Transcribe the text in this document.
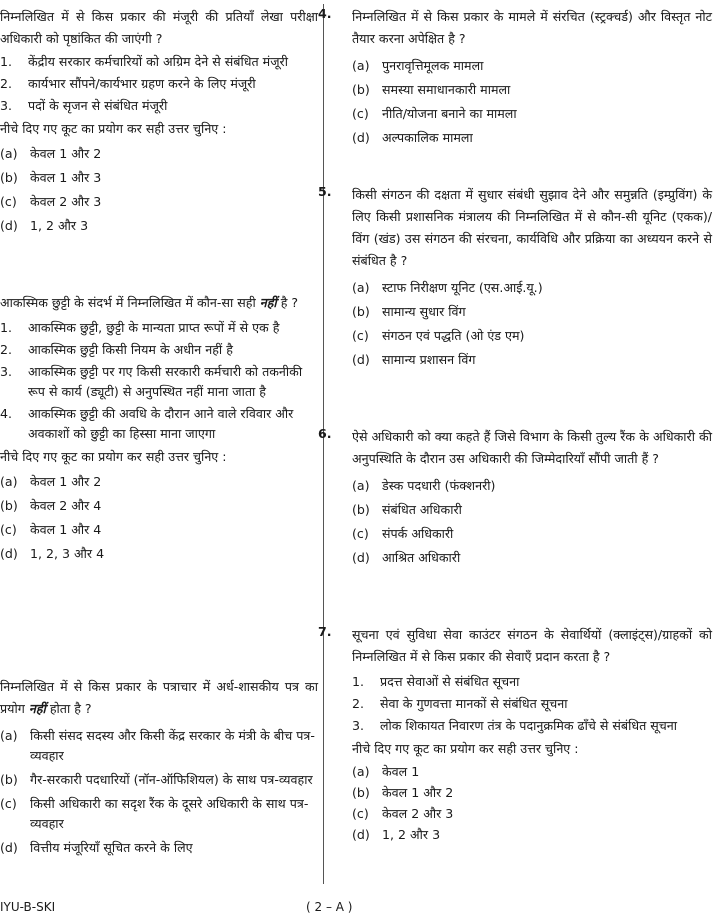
निम्नलिखित में से किस प्रकार की मंजूरी की प्रतियाँ लेखा परीक्षा अधिकारी को पृष्ठांकित की जाएंगी ?
1.	केंद्रीय सरकार कर्मचारियों को अग्रिम देने से संबंधित मंजूरी
2.	कार्यभार सौंपने/कार्यभार ग्रहण करने के लिए मंजूरी
3.	पदों के सृजन से संबंधित मंजूरी
नीचे दिए गए कूट का प्रयोग कर सही उत्तर चुनिए :
(a) केवल 1 और 2
(b) केवल 1 और 3
(c)	केवल 2 और 3
(d) 1, 2 और 3
आकस्मिक छुट्टी के संदर्भ में निम्नलिखित में कौन-सा सही नहीं है ?
1.	आकस्मिक छुट्टी, छुट्टी के मान्यता प्राप्त रूपों में से एक है
2.	आकस्मिक छुट्टी किसी नियम के अधीन नहीं है
3.	आकस्मिक छुट्टी पर गए किसी सरकारी कर्मचारी को तकनीकी रूप से कार्य (ड्यूटी) से अनुपस्थित नहीं माना जाता है
4.	आकस्मिक छुट्टी की अवधि के दौरान आने वाले रविवार और अवकाशों को छुट्टी का हिस्सा माना जाएगा
नीचे दिए गए कूट का प्रयोग कर सही उत्तर चुनिए :
(a) केवल 1 और 2
(b) केवल 2 और 4
(c)	केवल 1 और 4
(d) 1, 2, 3 और 4
निम्नलिखित में से किस प्रकार के पत्राचार में अर्ध-शासकीय पत्र का प्रयोग नहीं होता है ?
(a) किसी संसद सदस्य और किसी केंद्र सरकार के मंत्री के बीच पत्र-व्यवहार
(b) गैर-सरकारी पदधारियों (नॉन-ऑफिशियल) के साथ पत्र-व्यवहार
(c)	किसी अधिकारी का सदृश रैंक के दूसरे अधिकारी के साथ पत्र-व्यवहार
(d) वित्तीय मंजूरियाँ सूचित करने के लिए
4. निम्नलिखित में से किस प्रकार के मामले में संरचित (स्ट्रक्चर्ड) और विस्तृत नोट तैयार करना अपेक्षित है ?
(a) पुनरावृत्तिमूलक मामला
(b) समस्या समाधानकारी मामला
(c)	नीति/योजना बनाने का मामला
(d) अल्पकालिक मामला
5. किसी संगठन की दक्षता में सुधार संबंधी सुझाव देने और समुन्नति (इम्प्रुविंग) के लिए किसी प्रशासनिक मंत्रालय की निम्नलिखित में से कौन-सी यूनिट (एकक)/विंग (खंड) उस संगठन की संरचना, कार्यविधि और प्रक्रिया का अध्ययन करने से संबंधित है ?
(a) स्टाफ निरीक्षण यूनिट (एस.आई.यू.)
(b) सामान्य सुधार विंग
(c)	संगठन एवं पद्धति (ओ एंड एम)
(d) सामान्य प्रशासन विंग
6. ऐसे अधिकारी को क्या कहते हैं जिसे विभाग के किसी तुल्य रैंक के अधिकारी की अनुपस्थिति के दौरान उस अधिकारी की जिम्मेदारियाँ सौंपी जाती हैं ?
(a) डेस्क पदधारी (फंक्शनरी)
(b) संबंधित अधिकारी
(c)	संपर्क अधिकारी
(d) आश्रित अधिकारी
7. सूचना एवं सुविधा सेवा काउंटर संगठन के सेवार्थियों (क्लाइंट्स)/ग्राहकों को निम्नलिखित में से किस प्रकार की सेवाएँ प्रदान करता है ?
1.	प्रदत्त सेवाओं से संबंधित सूचना
2.	सेवा के गुणवत्ता मानकों से संबंधित सूचना
3.	लोक शिकायत निवारण तंत्र के पदानुक्रमिक ढाँचे से संबंधित सूचना
नीचे दिए गए कूट का प्रयोग कर सही उत्तर चुनिए :
(a) केवल 1
(b) केवल 1 और 2
(c)	केवल 2 और 3
(d) 1, 2 और 3
IYU-B-SKI	( 2 – A )
